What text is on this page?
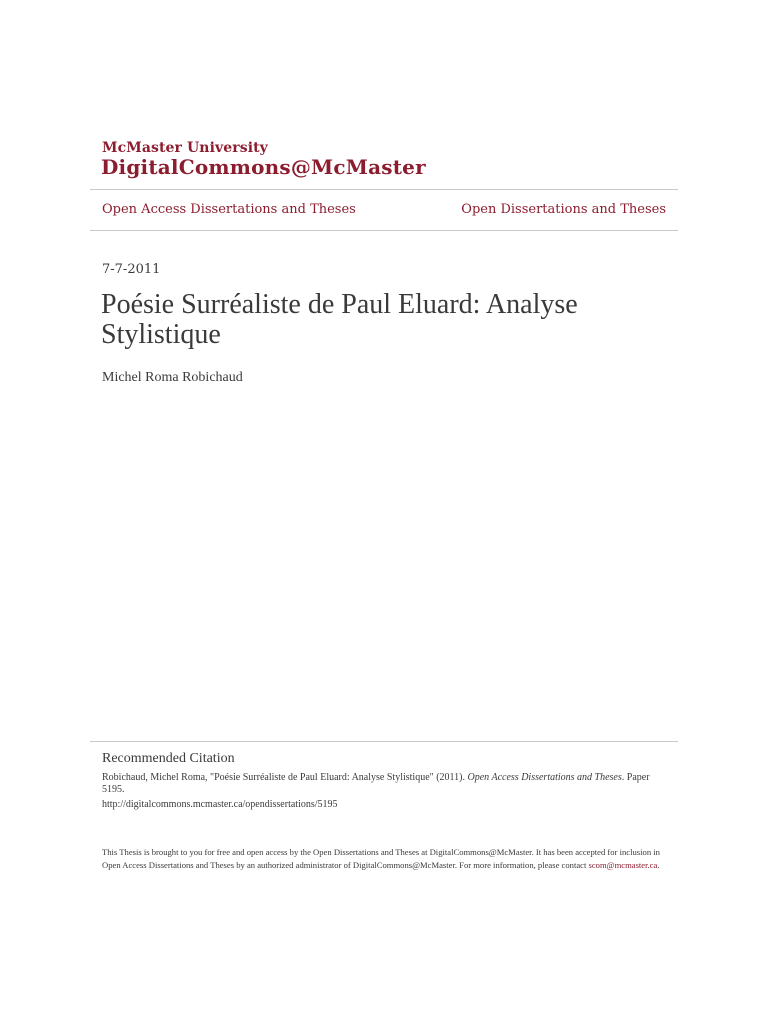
McMaster University
DigitalCommons@McMaster
Open Access Dissertations and Theses	Open Dissertations and Theses
7-7-2011
Poésie Surréaliste de Paul Eluard: Analyse Stylistique
Michel Roma Robichaud
Recommended Citation

Robichaud, Michel Roma, "Poésie Surréaliste de Paul Eluard: Analyse Stylistique" (2011). Open Access Dissertations and Theses. Paper 5195.

http://digitalcommons.mcmaster.ca/opendissertations/5195

This Thesis is brought to you for free and open access by the Open Dissertations and Theses at DigitalCommons@McMaster. It has been accepted for inclusion in Open Access Dissertations and Theses by an authorized administrator of DigitalCommons@McMaster. For more information, please contact scom@mcmaster.ca.
